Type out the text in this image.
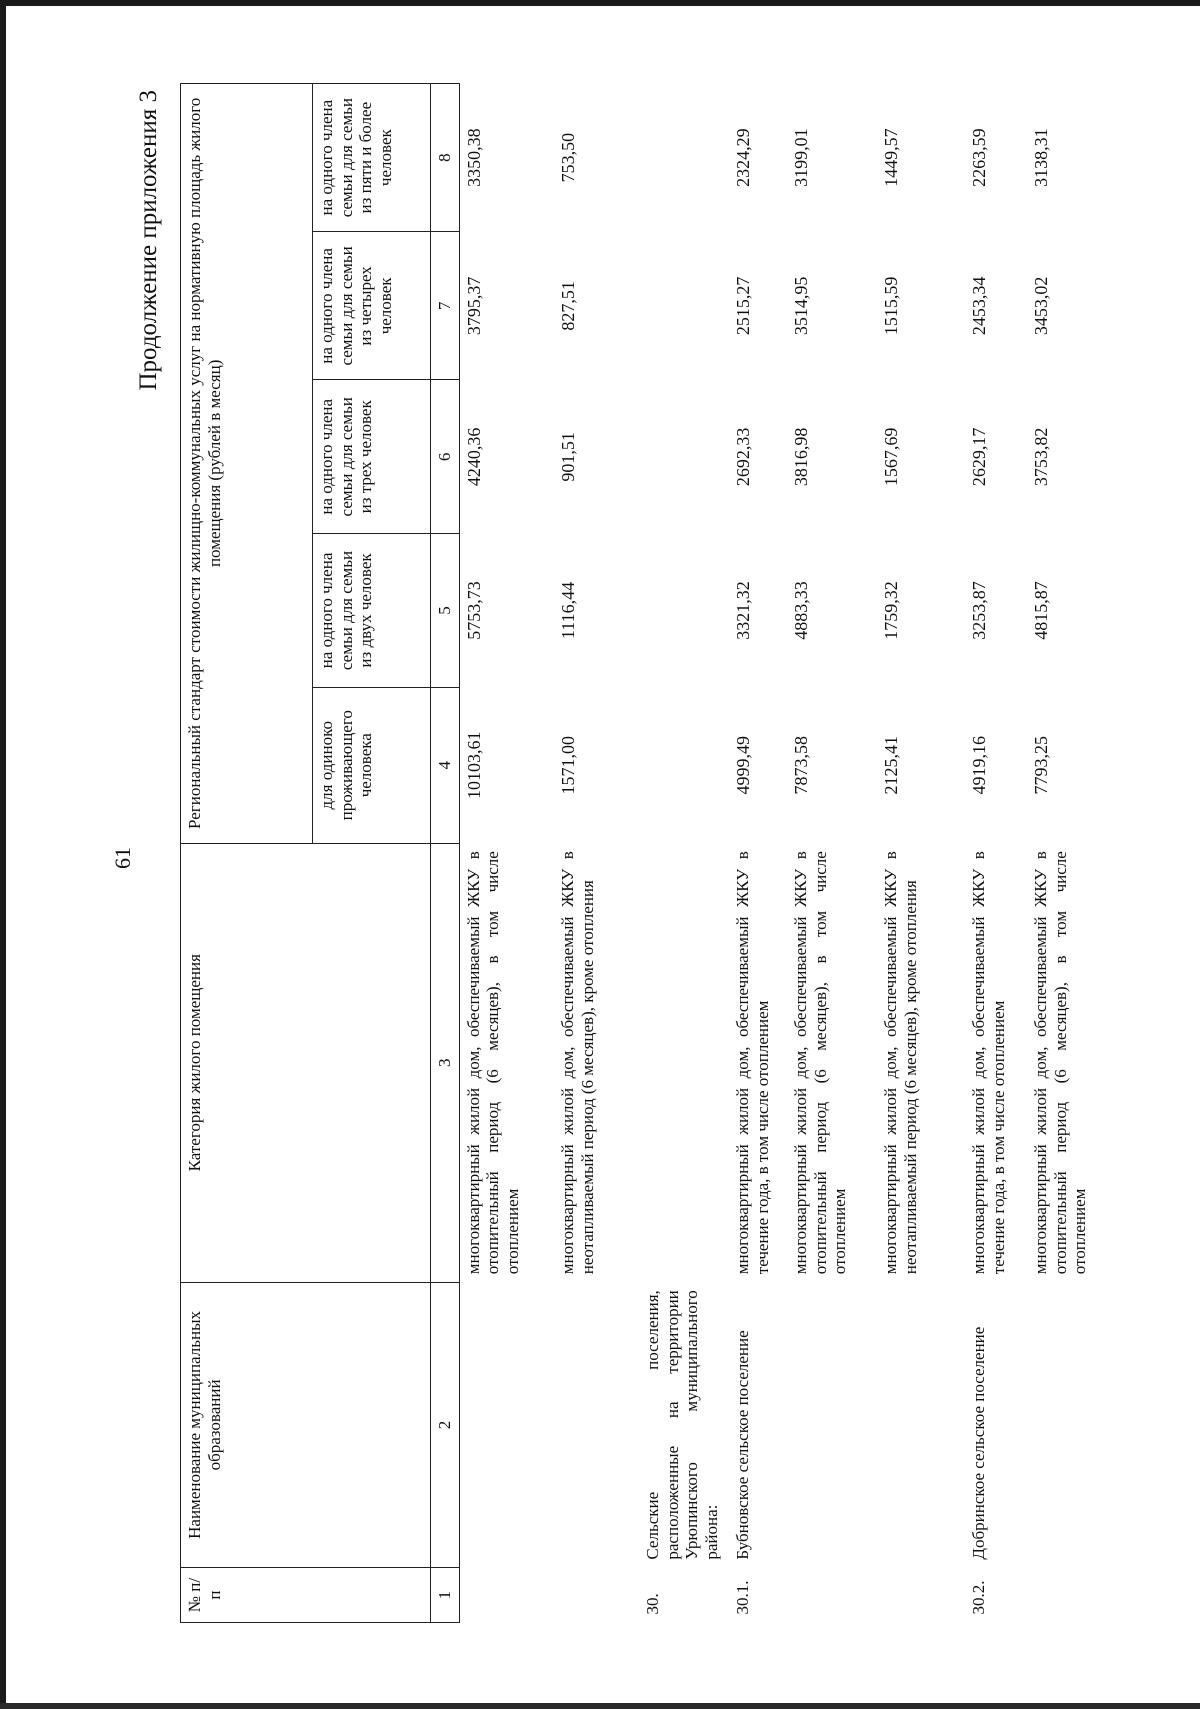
61
Продолжение приложения 3
№ п/п	Наименование муниципальных образований	Категория жилого помещения	Региональный стандарт стоимости жилищно-коммунальных услуг на нормативную площадь жилого помещения (рублей в месяц)				
			для одиноко проживающего человека	на одного члена семьи для семьи из двух человек	на одного члена семьи для семьи из трех человек	на одного члена семьи для семьи из четырех человек	на одного члена семьи для семьи из пяти и более человек
1	2	3	4	5	6	7	8
		многоквартирный жилой дом, обеспечиваемый ЖКУ в отопительный период (6 месяцев), в том числе отоплением	10103,61	5753,73	4240,36	3795,37	3350,38
		многоквартирный жилой дом, обеспечиваемый ЖКУ в неотапливаемый период (6 месяцев), кроме отопления	1571,00	1116,44	901,51	827,51	753,50
30.	Сельские поселения, расположенные на территории Урюпинского муниципального района:						
30.1.	Бубновское сельское поселение	многоквартирный жилой дом, обеспечиваемый ЖКУ в течение года, в том числе отоплением	4999,49	3321,32	2692,33	2515,27	2324,29
		многоквартирный жилой дом, обеспечиваемый ЖКУ в отопительный период (6 месяцев), в том числе отоплением	7873,58	4883,33	3816,98	3514,95	3199,01
		многоквартирный жилой дом, обеспечиваемый ЖКУ в неотапливаемый период (6 месяцев), кроме отопления	2125,41	1759,32	1567,69	1515,59	1449,57
30.2.	Добринское сельское поселение	многоквартирный жилой дом, обеспечиваемый ЖКУ в течение года, в том числе отоплением	4919,16	3253,87	2629,17	2453,34	2263,59
		многоквартирный жилой дом, обеспечиваемый ЖКУ в отопительный период (6 месяцев), в том числе отоплением	7793,25	4815,87	3753,82	3453,02	3138,31
